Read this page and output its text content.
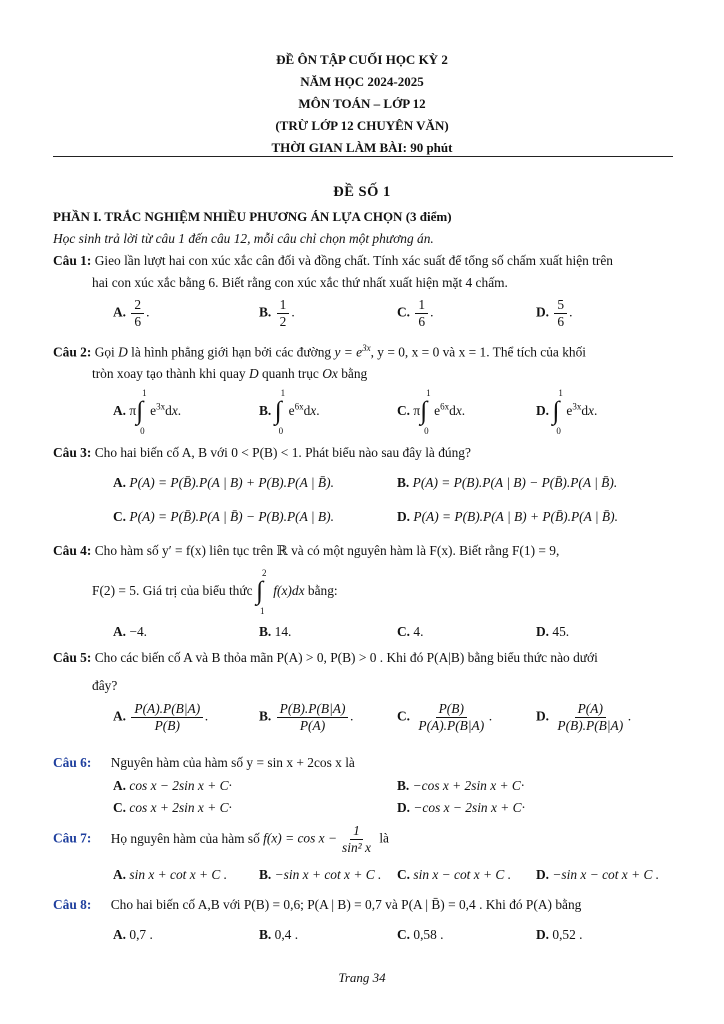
ĐỀ ÔN TẬP CUỐI HỌC KỲ 2
NĂM HỌC 2024-2025
MÔN TOÁN – LỚP 12
(TRỪ LỚP 12 CHUYÊN VĂN)
THỜI GIAN LÀM BÀI: 90 phút
ĐỀ SỐ 1
PHẦN I. TRẮC NGHIỆM NHIỀU PHƯƠNG ÁN LỰA CHỌN (3 điểm)
Học sinh trả lời từ câu 1 đến câu 12, mỗi câu chỉ chọn một phương án.
Câu 1: Gieo lần lượt hai con xúc xắc cân đối và đồng chất. Tính xác suất để tổng số chấm xuất hiện trên
hai con xúc xắc bằng 6. Biết rằng con xúc xắc thứ nhất xuất hiện mặt 4 chấm.
A. $\frac{2}{6}$ .	B. $\frac{1}{2}$ .	C. $\frac{1}{6}$ .	D. $\frac{5}{6}$ .
Câu 2: Gọi D là hình phẳng giới hạn bởi các đường $y = e^{3x}$, y = 0, x = 0 và x = 1. Thể tích của khối
tròn xoay tạo thành khi quay D quanh trục Ox bằng
A. π ∫
1
0
$e^{3x}dx$.	B. ∫
1
0
$e^{6x}dx$.	C. π ∫
1
0
$e^{6x}dx$.	D. ∫
1
0
$e^{3x}dx$.
Câu 3: Cho hai biến cố A, B với 0 < P(B) < 1. Phát biểu nào sau đây là đúng?
A. P(A) = P(B̄).P(A | B) + P(B).P(A | B̄).	B. P(A) = P(B).P(A | B) − P(B̄).P(A | B̄).
C. P(A) = P(B̄).P(A | B̄) − P(B).P(A | B).	D. P(A) = P(B).P(A | B) + P(B̄).P(A | B̄).
Câu 4: Cho hàm số y′ = f(x) liên tục trên ℝ và có một nguyên hàm là F(x). Biết rằng F(1) = 9,
F(2) = 5. Giá trị của biểu thức ∫
2
1
f(x)dx bằng:
A. −4.	B. 14.	C. 4.	D. 45.
Câu 5: Cho các biến cố A và B thỏa mãn P(A) > 0, P(B) > 0 . Khi đó P(A|B) bằng biểu thức nào dưới
đây?
A. $\frac{P(A).P(B|A)}{P(B)}$ .	B. $\frac{P(B).P(B|A)}{P(A)}$ .	C. $\frac{P(B)}{P(A).P(B|A)}$ .	D. $\frac{P(A)}{P(B).P(B|A)}$ .
Câu 6: Nguyên hàm của hàm số y = sin x + 2cos x là
A. cos x − 2sin x + C·	B. −cos x + 2sin x + C·
C. cos x + 2sin x + C·	D. −cos x − 2sin x + C·
Câu 7: Họ nguyên hàm của hàm số $f(x) = \cos x - \frac{1}{\text{sin² x}}$ là
A. sin x + cot x + C . B. −sin x + cot x + C . C. sin x − cot x + C . D. −sin x − cot x + C .
Câu 8: Cho hai biến cố A,B với P(B) = 0,6; P(A | B) = 0,7 và P(A | B̄) = 0,4 . Khi đó P(A) bằng
A. 0,7 .	B. 0,4 .	C. 0,58 .	D. 0,52 .
Trang 34
